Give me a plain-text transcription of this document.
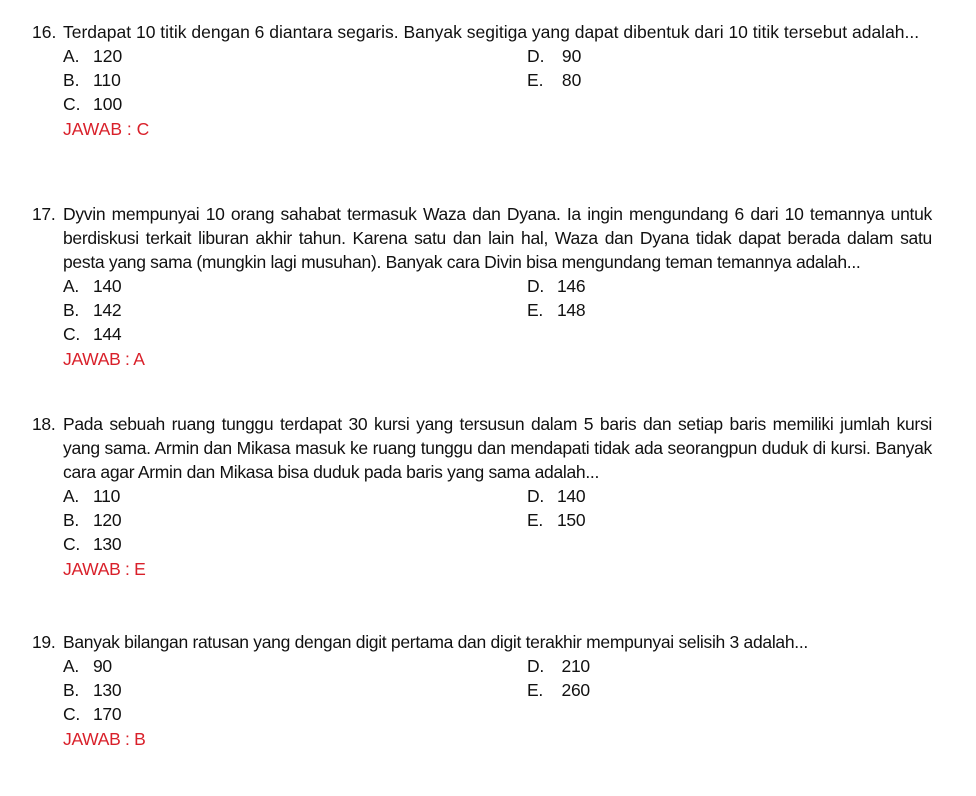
16. Terdapat 10 titik dengan 6 diantara segaris. Banyak segitiga yang dapat dibentuk dari 10 titik tersebut adalah...
A. 120
B. 110
C. 100
D. 90
E. 80
JAWAB : C
17. Dyvin mempunyai 10 orang sahabat termasuk Waza dan Dyana. Ia ingin mengundang 6 dari 10 temannya untuk berdiskusi terkait liburan akhir tahun. Karena satu dan lain hal, Waza dan Dyana tidak dapat berada dalam satu pesta yang sama (mungkin lagi musuhan). Banyak cara Divin bisa mengundang teman temannya adalah...
A. 140
B. 142
C. 144
D. 146
E. 148
JAWAB : A
18. Pada sebuah ruang tunggu terdapat 30 kursi yang tersusun dalam 5 baris dan setiap baris memiliki jumlah kursi yang sama. Armin dan Mikasa masuk ke ruang tunggu dan mendapati tidak ada seorangpun duduk di kursi. Banyak cara agar Armin dan Mikasa bisa duduk pada baris yang sama adalah...
A. 110
B. 120
C. 130
D. 140
E. 150
JAWAB : E
19. Banyak bilangan ratusan yang dengan digit pertama dan digit terakhir mempunyai selisih 3 adalah...
A. 90
B. 130
C. 170
D. 210
E. 260
JAWAB : B
